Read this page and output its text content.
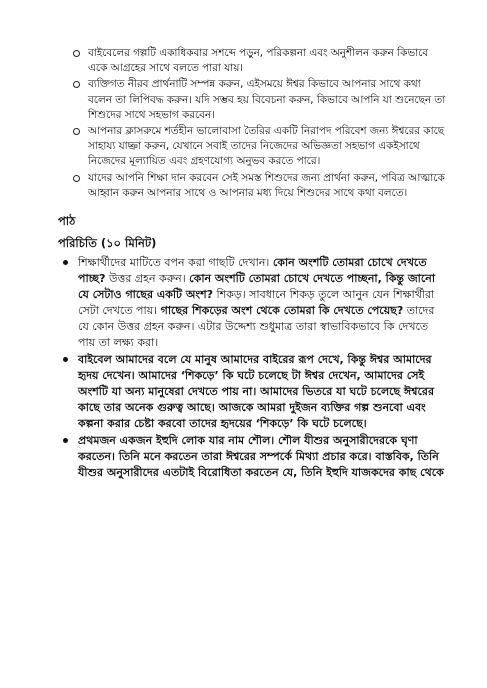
বাইবেলের গল্পটি একাধিকবার সশব্দে পড়ুন, পরিকল্পনা এবং অনুশীলন করুন কিভাবে একে আগ্রহের সাথে বলতে পারা যায়।
ব্যক্তিগত নীরব প্রার্থনাটি সম্পন্ন করুন, এইসময়ে ঈশ্বর কিভাবে আপনার সাথে কথা বলেন তা লিপিবদ্ধ করুন। যদি সম্ভব হয় বিবেচনা করুন, কিভাবে আপনি যা শুনেছেন তা শিশুদের সাথে সহভাগ করবেন।
আপনার ক্লাসরুমে শর্তহীন ভালোবাসা তৈরির একটি নিরাপদ পরিবেশ জন্য ঈশ্বরের কাছে সাহায্য যাচ্ঞা করুন, যেখানে সবাই তাদের নিজেদের অভিজ্ঞতা সহভাগ একইসাথে নিজেদের মূল্যায়িত এবং গ্রহণযোগ্য অনুভব করতে পারে।
যাদের আপনি শিক্ষা দান করবেন সেই সমস্ত শিশুদের জন্য প্রার্থনা করুন, পবিত্র আত্মাকে আহ্বান করুন আপনার সাথে ও আপনার মধ্য দিয়ে শিশুদের সাথে কথা বলতে।
পাঠ
পরিচিতি (১০ মিনিট)
শিক্ষার্থীদের মাটিতে বপন করা গাছটি দেখান। কোন অংশটি তোমরা চোখে দেখতে পাচ্ছ? উত্তর গ্রহন করুন। কোন অংশটি তোমরা চোখে দেখতে পাচ্ছনা, কিন্তু জানো যে সেটাও গাছের একটি অংশ? শিকড়। সাবধানে শিকড় তুলে আনুন যেন শিক্ষার্থীরা সেটা দেখতে পায়। গাছের শিকড়ের অংশ থেকে তোমরা কি দেখতে পেয়েছ? তাদের যে কোন উত্তর গ্রহন করুন। এটার উদ্দেশ্য শুধুমাত্র তারা স্বাভাবিকভাবে কি দেখতে পায় তা লক্ষ্য করা।
বাইবেল আমাদের বলে যে মানুষ আমাদের বাইরের রূপ দেখে, কিন্তু ঈশ্বর আমাদের হৃদয় দেখেন। আমাদের ‘শিকড়ে’ কি ঘটে চলেছে টা ঈশ্বর দেখেন, আমাদের সেই অংশটি যা অন্য মানুষেরা দেখতে পায় না। আমাদের ভিতরে যা ঘটে চলেছে ঈশ্বরের কাছে তার অনেক গুরুত্ব আছে। আজকে আমরা দুইজন ব্যক্তির গল্প শুনবো এবং কল্পনা করার চেষ্টা করবো তাদের হৃদয়ের ‘শিকড়ে’ কি ঘটে চলেছে।
প্রথমজন একজন ইহুদি লোক যার নাম শৌল। শৌল যীশুর অনুসারীদেরকে ঘৃণা করতেন। তিনি মনে করতেন তারা ঈশ্বরের সম্পর্কে মিথ্যা প্রচার করে। বাস্তবিক, তিনি যীশুর অনুসারীদের এতটাই বিরোধিতা করতেন যে, তিনি ইহুদি যাজকদের কাছ থেকে
